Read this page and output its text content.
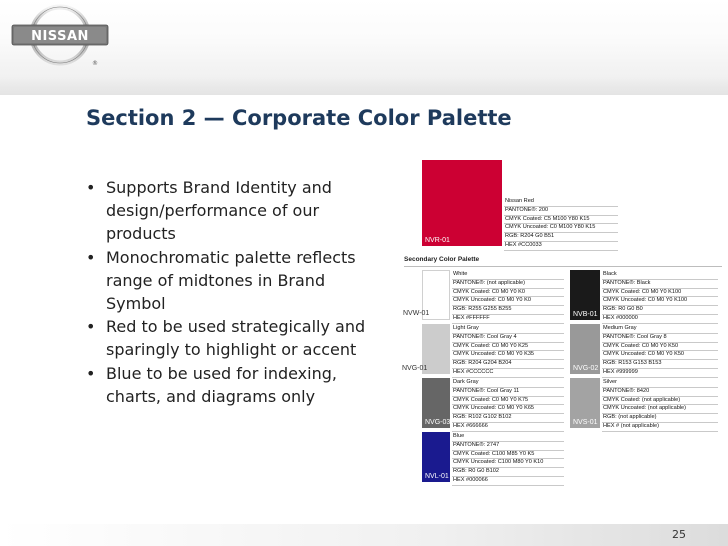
NISSAN
®
Section 2 — Corporate Color Palette
• Supports Brand Identity and design/performance of our products
• Monochromatic palette reflects range of midtones in Brand Symbol
• Red to be used strategically and sparingly to highlight or accent
• Blue to be used for indexing, charts, and diagrams only
NVR-01
Nissan Red
PANTONE®: 200
CMYK Coated: C5 M100 Y80 K15
CMYK Uncoated: C0 M100 Y80 K15
RGB: R204 G0 B51
HEX #CC0033
Secondary Color Palette
NVW-01
White
PANTONE®: (not applicable)
CMYK Coated: C0 M0 Y0 K0
CMYK Uncoated: C0 M0 Y0 K0
RGB: R255 G255 B255
HEX #FFFFFF	NVB-01
Black
PANTONE®: Black
CMYK Coated: C0 M0 Y0 K100
CMYK Uncoated: C0 M0 Y0 K100
RGB: R0 G0 B0
HEX #000000
NVG-01
Light Gray
PANTONE®: Cool Gray 4
CMYK Coated: C0 M0 Y0 K25
CMYK Uncoated: C0 M0 Y0 K35
RGB: R204 G204 B204
HEX #CCCCCC	NVG-02
Medium Gray
PANTONE®: Cool Gray 8
CMYK Coated: C0 M0 Y0 K50
CMYK Uncoated: C0 M0 Y0 K50
RGB: R153 G153 B153
HEX #999999
NVG-03
Dark Gray
PANTONE®: Cool Gray 11
CMYK Coated: C0 M0 Y0 K75
CMYK Uncoated: C0 M0 Y0 K65
RGB: R102 G102 B102
HEX #666666	NVS-01
Silver
PANTONE®: 8420
CMYK Coated: (not applicable)
CMYK Uncoated: (not applicable)
RGB: (not applicable)
HEX # (not applicable)
NVL-01
Blue
PANTONE®: 2747
CMYK Coated: C100 M85 Y0 K5
CMYK Uncoated: C100 M80 Y0 K10
RGB: R0 G0 B102
HEX #000066
25
